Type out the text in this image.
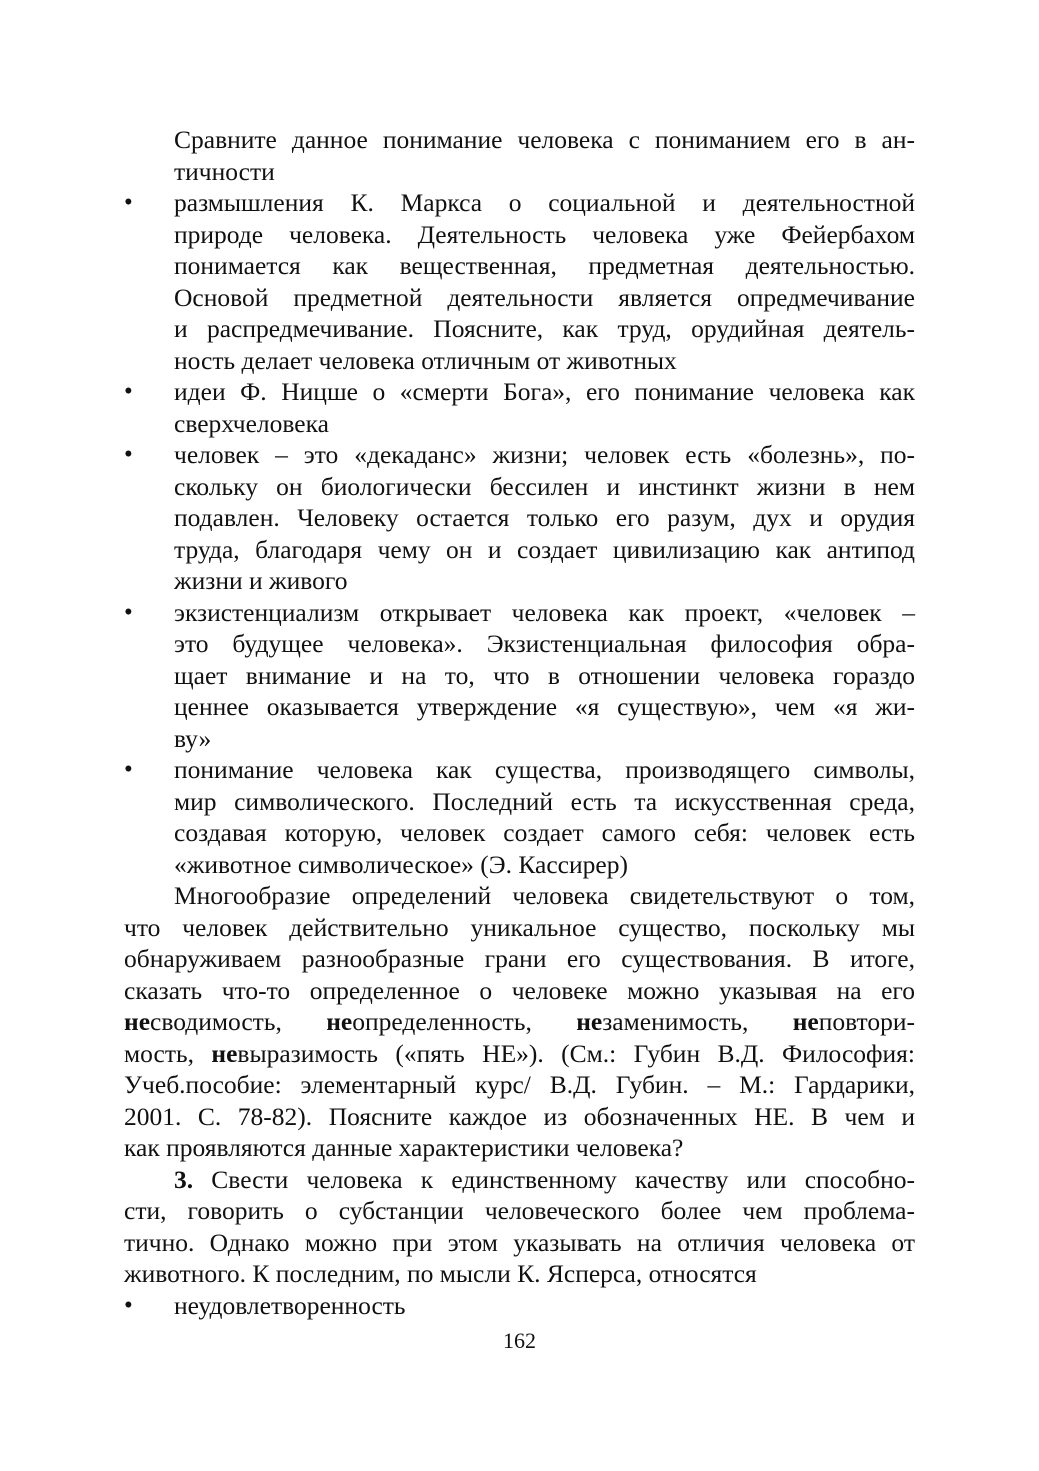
Сравните данное понимание человека с пониманием его в ан-
тичности
•	размышления К. Маркса о социальной и деятельностной
природе человека. Деятельность человека уже Фейербахом
понимается как вещественная, предметная деятельностью.
Основой предметной деятельности является опредмечивание
и распредмечивание. Поясните, как труд, орудийная деятель-
ность делает человека отличным от животных
•	идеи Ф. Ницше о «смерти Бога», его понимание человека как
сверхчеловека
•	человек – это «декаданс» жизни; человек есть «болезнь», по-
скольку он биологически бессилен и инстинкт жизни в нем
подавлен. Человеку остается только его разум, дух и орудия
труда, благодаря чему он и создает цивилизацию как антипод
жизни и живого
•	экзистенциализм открывает человека как проект, «человек –
это будущее человека». Экзистенциальная философия обра-
щает внимание и на то, что в отношении человека гораздо
ценнее оказывается утверждение «я существую», чем «я жи-
ву»
•	понимание человека как существа, производящего символы,
мир символического. Последний есть та искусственная среда,
создавая которую, человек создает самого себя: человек есть
«животное символическое» (Э. Кассирер)
Многообразие определений человека свидетельствуют о том,
что человек действительно уникальное существо, поскольку мы
обнаруживаем разнообразные грани его существования. В итоге,
сказать что-то определенное о человеке можно указывая на его
несводимость, неопределенность, незаменимость, неповтори-
мость, невыразимость («пять НЕ»). (См.: Губин В.Д. Философия:
Учеб.пособие: элементарный курс/ В.Д. Губин. – М.: Гардарики,
2001. С. 78-82). Поясните каждое из обозначенных НЕ. В чем и
как проявляются данные характеристики человека?
3. Свести человека к единственному качеству или способно-
сти, говорить о субстанции человеческого более чем проблема-
тично. Однако можно при этом указывать на отличия человека от
животного. К последним, по мысли К. Ясперса, относятся
•	неудовлетворенность
162
